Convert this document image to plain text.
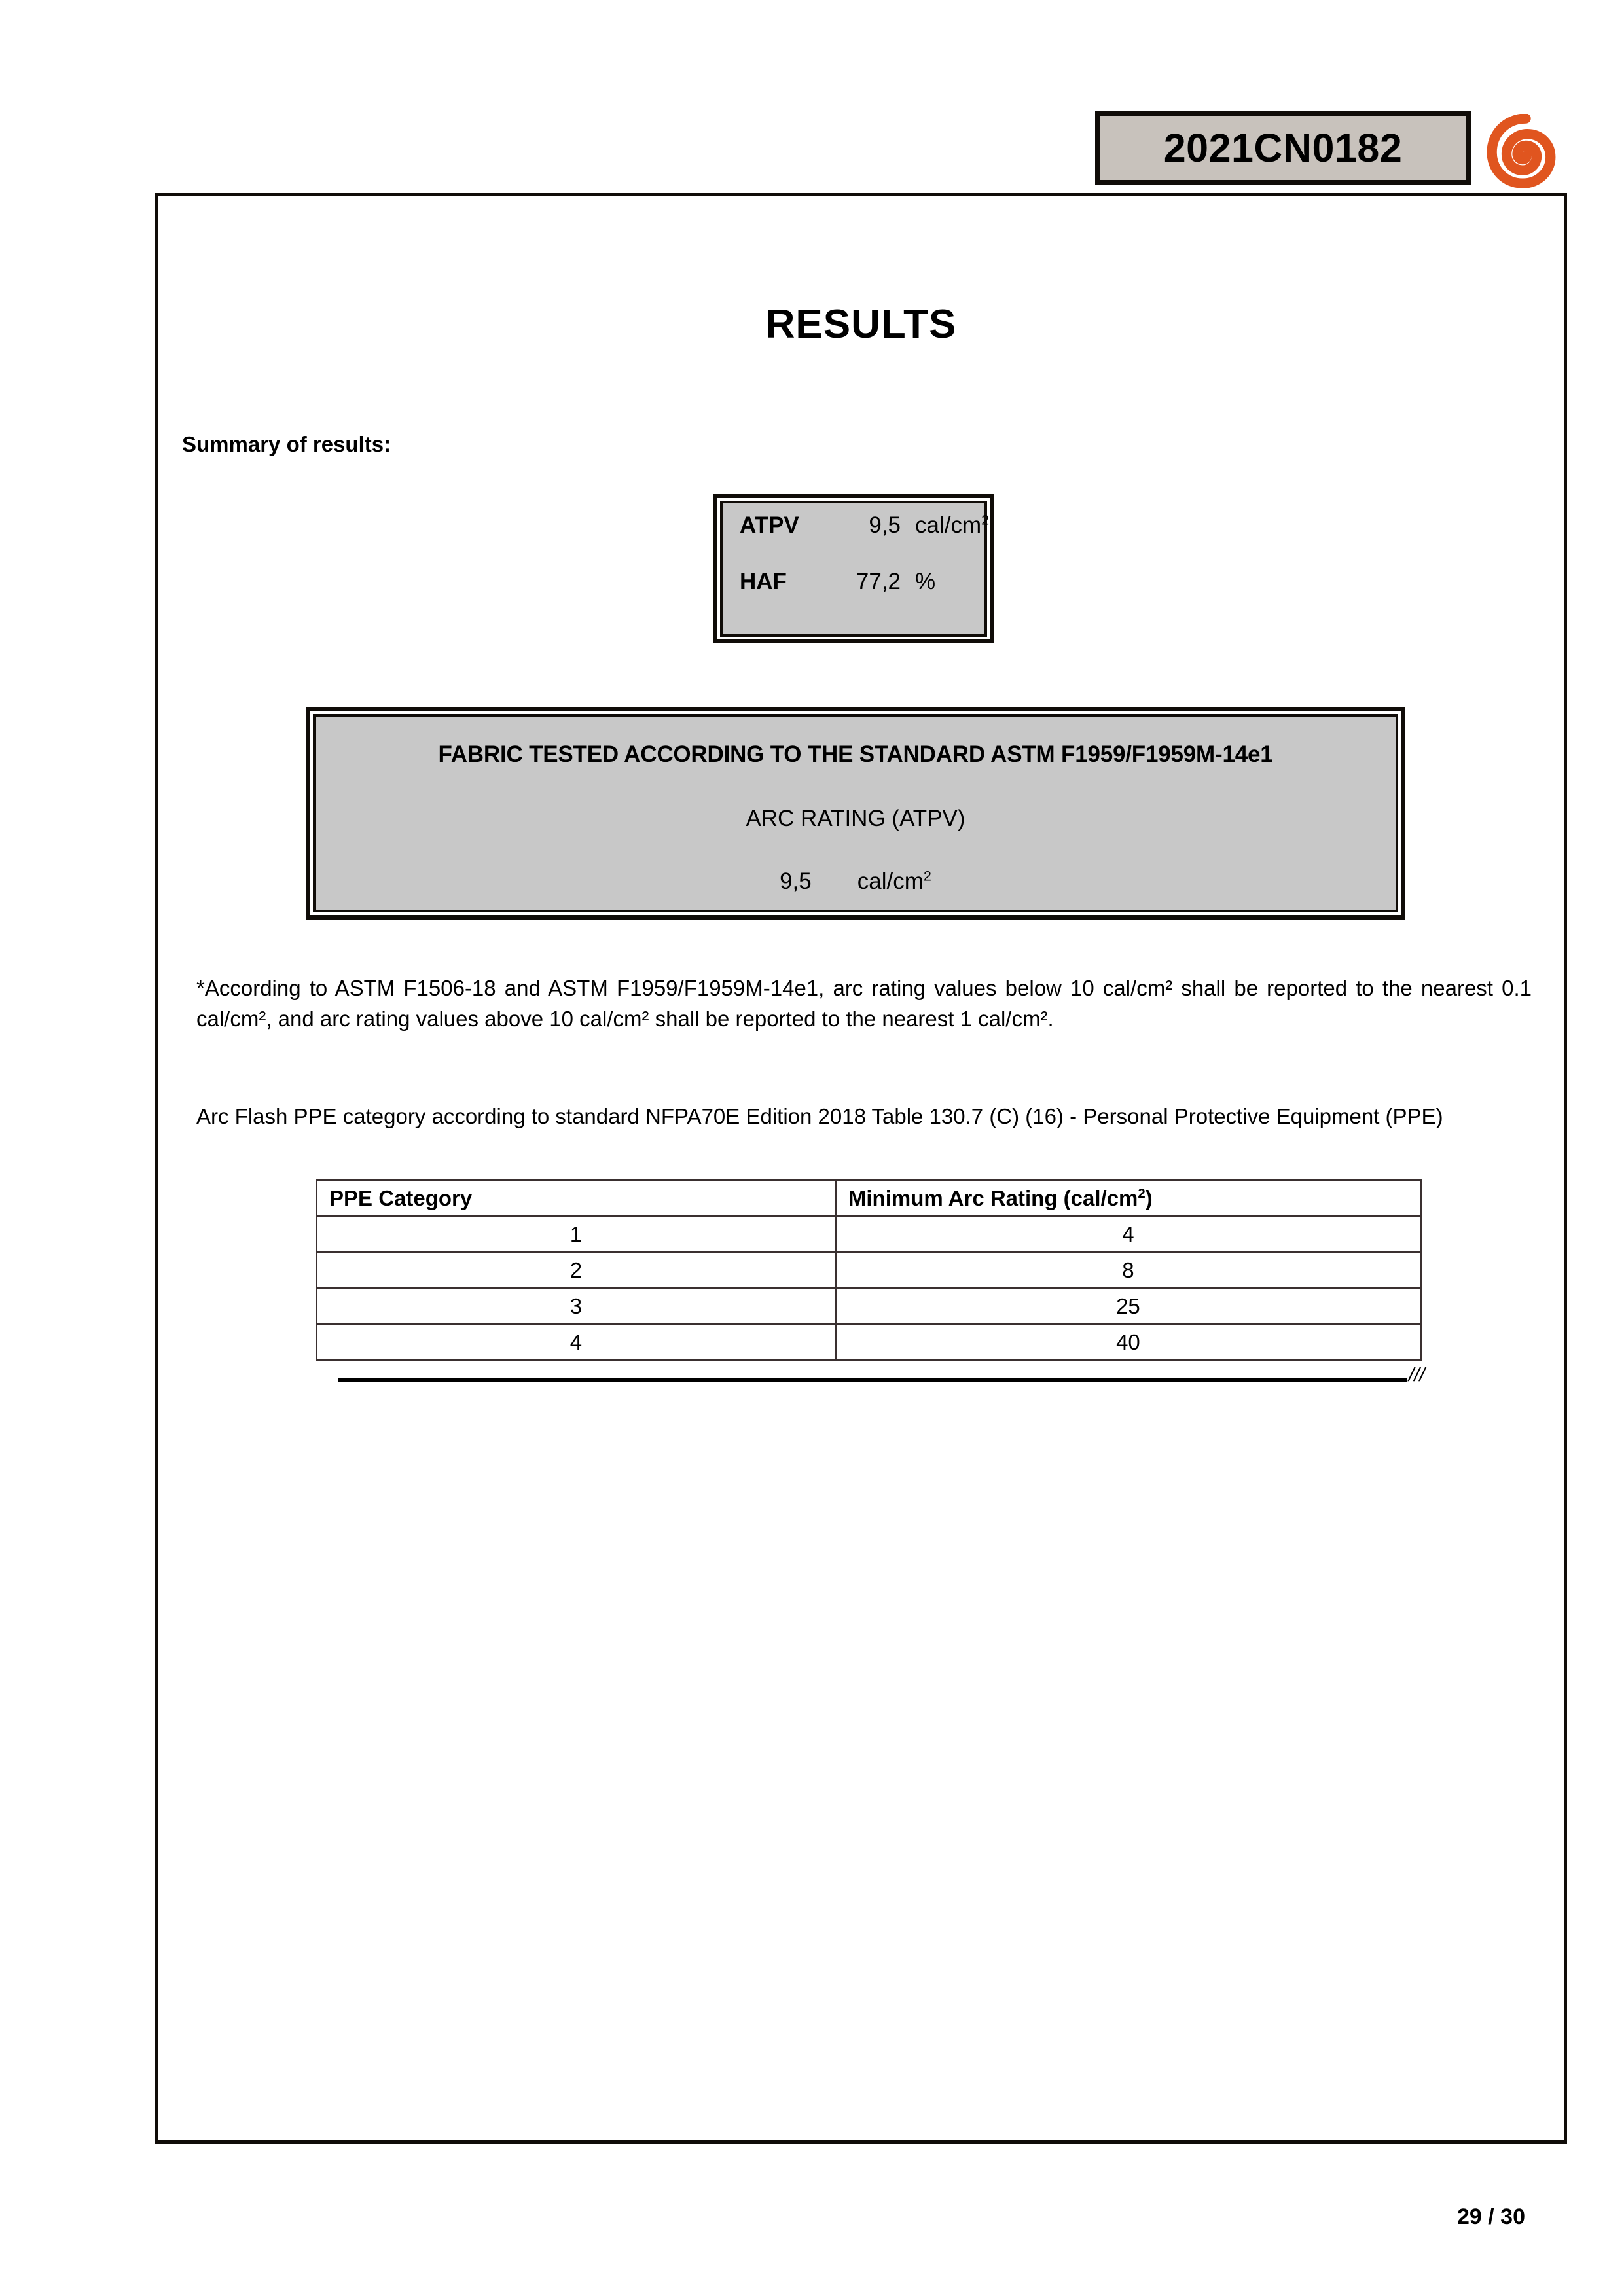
2021CN0182
RESULTS
Summary of results:
ATPV	9,5 cal/$cm^2$
HAF	77,2 %
FABRIC TESTED ACCORDING TO THE STANDARD ASTM F1959/F1959M-14e1
ARC RATING (ATPV)
9,5 cal/$cm^2$
*According to ASTM F1506-18 and ASTM F1959/F1959M-14e1, arc rating values below 10 cal/cm² shall be reported to the nearest 0.1 cal/cm², and arc rating values above 10 cal/cm² shall be reported to the nearest 1 cal/cm².
Arc Flash PPE category according to standard NFPA70E Edition 2018 Table 130.7 (C) (16) - Personal Protective Equipment (PPE)
PPE Category	Minimum Arc Rating $(cal/cm^2)$
1	4
2	8
3	25
4	40
///
29 / 30
